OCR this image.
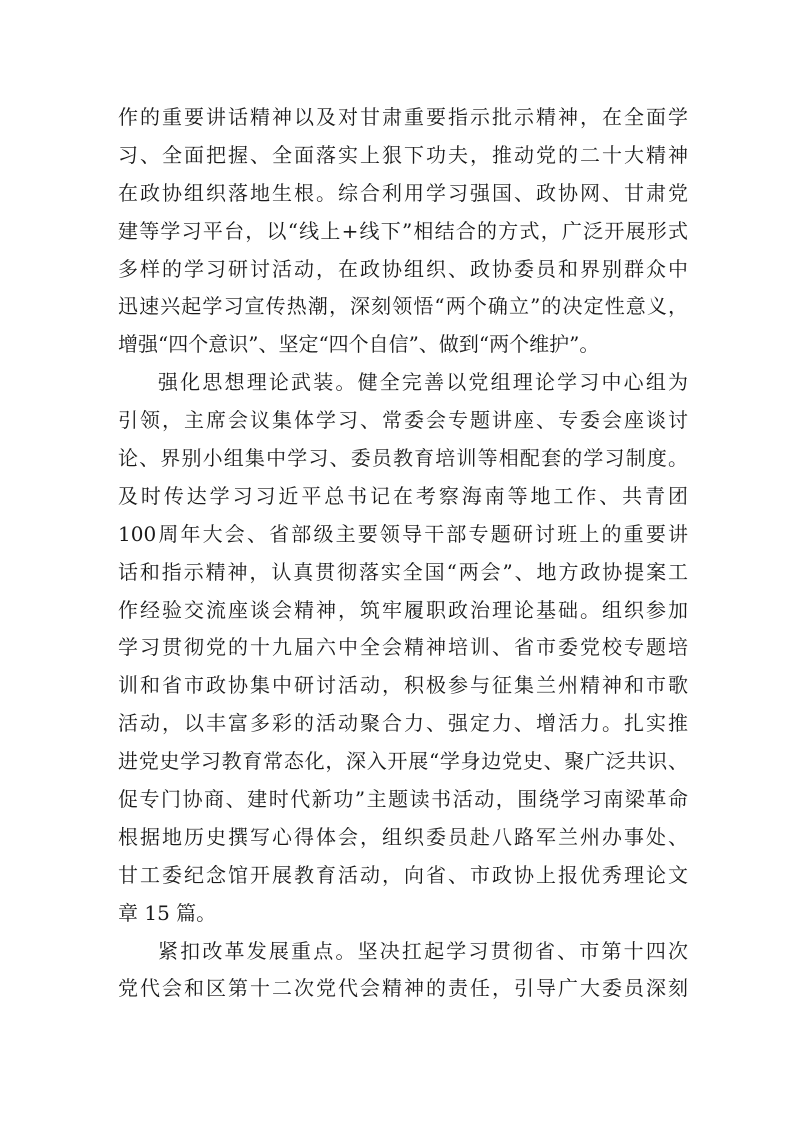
作的重要讲话精神以及对甘肃重要指示批示精神，在全面学
习、全面把握、全面落实上狠下功夫，推动党的二十大精神
在政协组织落地生根。综合利用学习强国、政协网、甘肃党
建等学习平台，以“线上+线下”相结合的方式，广泛开展形式
多样的学习研讨活动，在政协组织、政协委员和界别群众中
迅速兴起学习宣传热潮，深刻领悟“两个确立”的决定性意义，
增强“四个意识”、坚定“四个自信”、做到“两个维护”。
强化思想理论武装。健全完善以党组理论学习中心组为
引领，主席会议集体学习、常委会专题讲座、专委会座谈讨
论、界别小组集中学习、委员教育培训等相配套的学习制度。
及时传达学习习近平总书记在考察海南等地工作、共青团
100周年大会、省部级主要领导干部专题研讨班上的重要讲
话和指示精神，认真贯彻落实全国“两会”、地方政协提案工
作经验交流座谈会精神，筑牢履职政治理论基础。组织参加
学习贯彻党的十九届六中全会精神培训、省市委党校专题培
训和省市政协集中研讨活动，积极参与征集兰州精神和市歌
活动，以丰富多彩的活动聚合力、强定力、增活力。扎实推
进党史学习教育常态化，深入开展“学身边党史、聚广泛共识、
促专门协商、建时代新功”主题读书活动，围绕学习南梁革命
根据地历史撰写心得体会，组织委员赴八路军兰州办事处、
甘工委纪念馆开展教育活动，向省、市政协上报优秀理论文
章 15 篇。
紧扣改革发展重点。坚决扛起学习贯彻省、市第十四次
党代会和区第十二次党代会精神的责任，引导广大委员深刻
